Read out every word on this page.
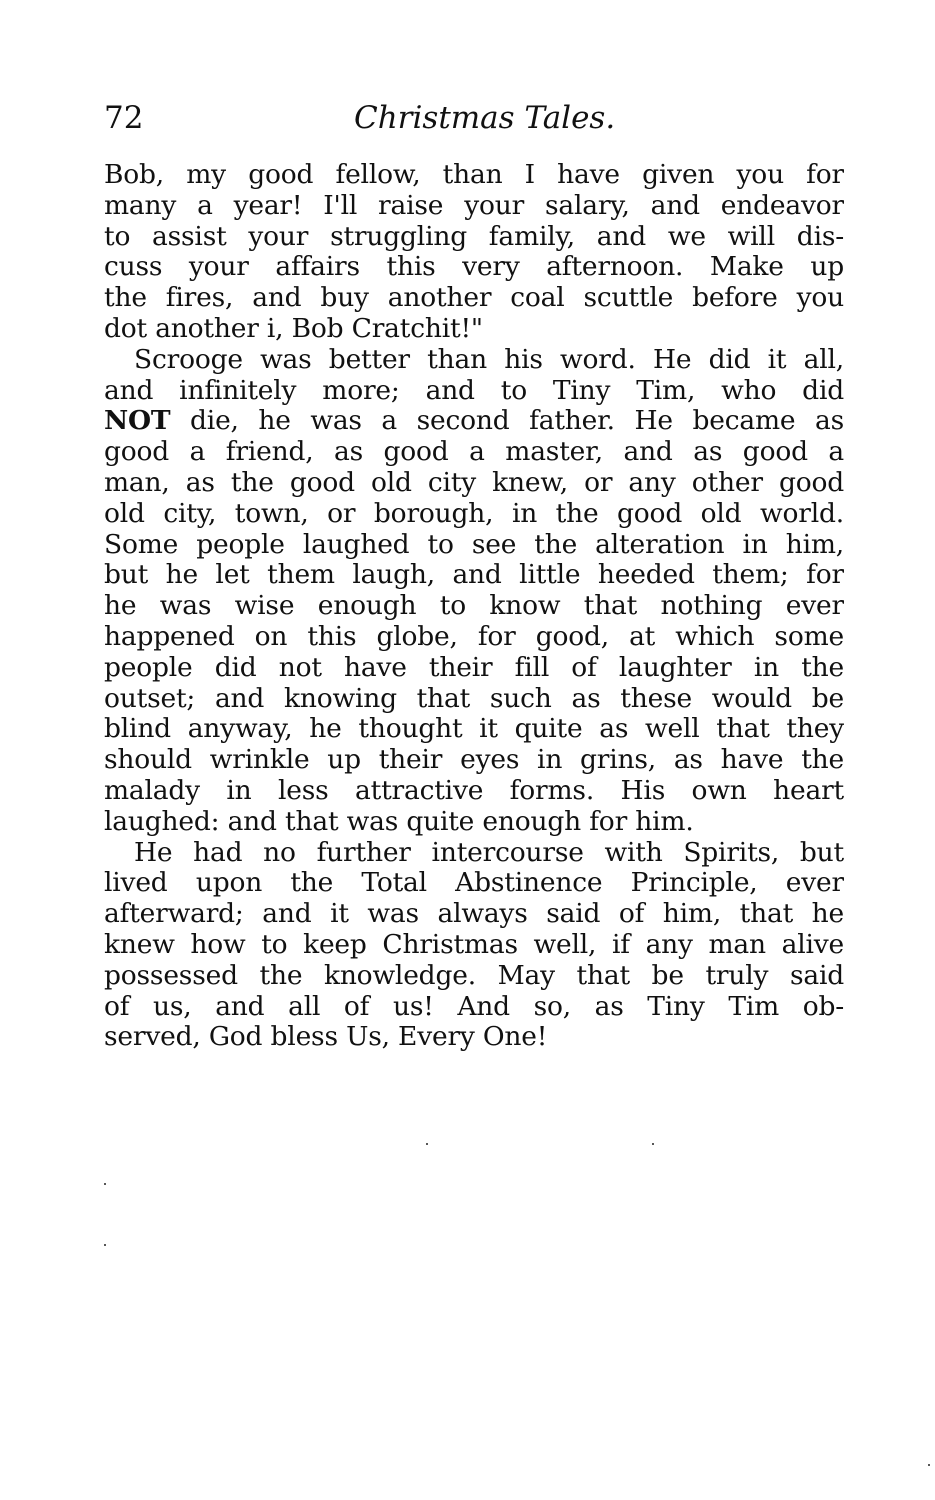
72	Christmas Tales.
Bob, my good fellow, than I have given you for
many a year! I'll raise your salary, and endeavor
to assist your struggling family, and we will dis-
cuss your affairs this very afternoon. Make up
the fires, and buy another coal scuttle before you
dot another i, Bob Cratchit!"
Scrooge was better than his word. He did it all,
and infinitely more; and to Tiny Tim, who did
NOT die, he was a second father. He became as
good a friend, as good a master, and as good a
man, as the good old city knew, or any other good
old city, town, or borough, in the good old world.
Some people laughed to see the alteration in him,
but he let them laugh, and little heeded them; for
he was wise enough to know that nothing ever
happened on this globe, for good, at which some
people did not have their fill of laughter in the
outset; and knowing that such as these would be
blind anyway, he thought it quite as well that they
should wrinkle up their eyes in grins, as have the
malady in less attractive forms. His own heart
laughed: and that was quite enough for him.
He had no further intercourse with Spirits, but
lived upon the Total Abstinence Principle, ever
afterward; and it was always said of him, that he
knew how to keep Christmas well, if any man alive
possessed the knowledge. May that be truly said
of us, and all of us! And so, as Tiny Tim ob-
served, God bless Us, Every One!
